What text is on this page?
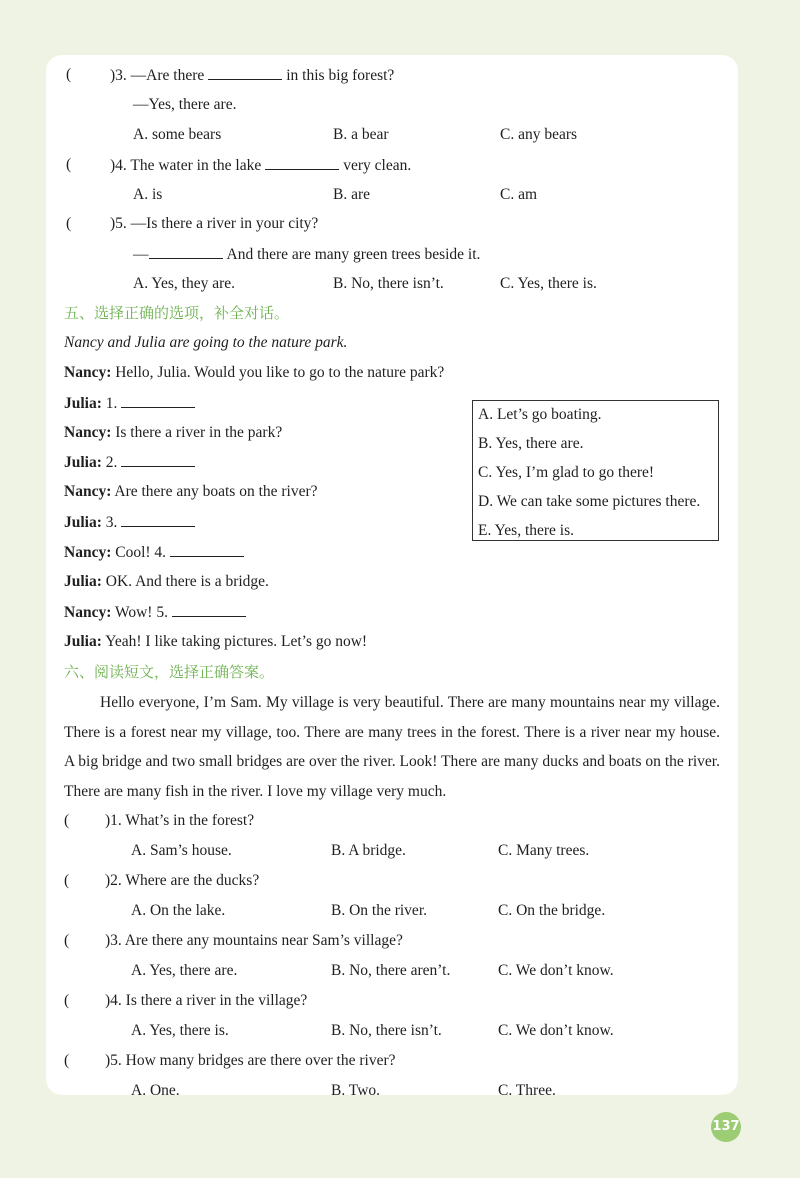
(	)3. —Are there	in this big forest?
—Yes, there are.
A. some bears	B. a bear	C. any bears
(	)4. The water in the lake	very clean.
A. is	B. are	C. am
(	)5. —Is there a river in your city?
—	And there are many green trees beside it.
A. Yes, they are.	B. No, there isn’t.	C. Yes, there is.
五、选择正确的选项，补全对话。
Nancy and Julia are going to the nature park.
Nancy: Hello, Julia. Would you like to go to the nature park?
Julia: 1.
Nancy: Is there a river in the park?
Julia: 2.
Nancy: Are there any boats on the river?
Julia: 3.
Nancy: Cool! 4.
Julia: OK. And there is a bridge.
Nancy: Wow! 5.
Julia: Yeah! I like taking pictures. Let’s go now!
A. Let’s go boating.
B. Yes, there are.
C. Yes, I’m glad to go there!
D. We can take some pictures there.
E. Yes, there is.
六、阅读短文，选择正确答案。
Hello everyone, I’m Sam. My village is very beautiful. There are many mountains near my village. There is a forest near my village, too. There are many trees in the forest. There is a river near my house. A big bridge and two small bridges are over the river. Look! There are many ducks and boats on the river. There are many fish in the river. I love my village very much.
( )1. What’s in the forest?
A. Sam’s house.	B. A bridge.	C. Many trees.
( )2. Where are the ducks?
A. On the lake.	B. On the river.	C. On the bridge.
( )3. Are there any mountains near Sam’s village?
A. Yes, there are.	B. No, there aren’t.	C. We don’t know.
( )4. Is there a river in the village?
A. Yes, there is.	B. No, there isn’t.	C. We don’t know.
( )5. How many bridges are there over the river?
A. One.	B. Two.	C. Three.
137
